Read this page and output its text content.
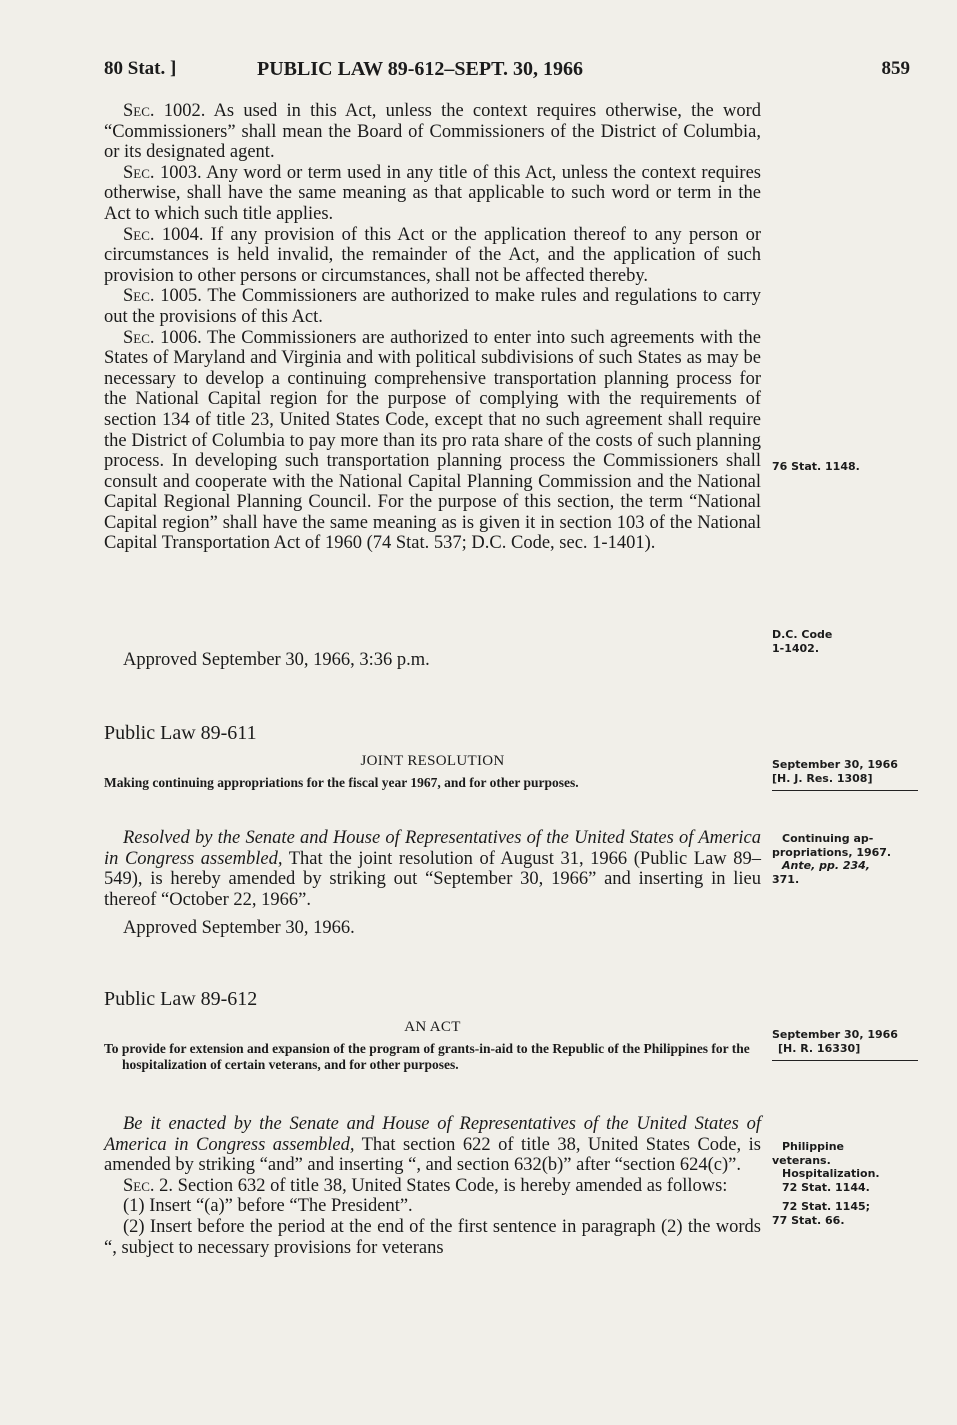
80 Stat. ]	PUBLIC LAW 89-612–SEPT. 30, 1966	859

Sec. 1002. As used in this Act, unless the context requires otherwise, the word “Commissioners” shall mean the Board of Commissioners of the District of Columbia, or its designated agent.

Sec. 1003. Any word or term used in any title of this Act, unless the context requires otherwise, shall have the same meaning as that applicable to such word or term in the Act to which such title applies.

Sec. 1004. If any provision of this Act or the application thereof to any person or circumstances is held invalid, the remainder of the Act, and the application of such provision to other persons or circumstances, shall not be affected thereby.

Sec. 1005. The Commissioners are authorized to make rules and regulations to carry out the provisions of this Act.

Sec. 1006. The Commissioners are authorized to enter into such agreements with the States of Maryland and Virginia and with political subdivisions of such States as may be necessary to develop a continuing comprehensive transportation planning process for the National Capital region for the purpose of complying with the requirements of section 134 of title 23, United States Code, except that no such agreement shall require the District of Columbia to pay more than its pro rata share of the costs of such planning process. In developing such transportation planning process the Commissioners shall consult and cooperate with the National Capital Planning Commission and the National Capital Regional Planning Council. For the purpose of this section, the term “National Capital region” shall have the same meaning as is given it in section 103 of the National Capital Transportation Act of 1960 (74 Stat. 537; D.C. Code, sec. 1-1401).

Approved September 30, 1966, 3:36 p.m.
Public Law 89-611
JOINT RESOLUTION
Making continuing appropriations for the fiscal year 1967, and for other purposes.

Resolved by the Senate and House of Representatives of the United States of America in Congress assembled, That the joint resolution of August 31, 1966 (Public Law 89–549), is hereby amended by striking out “September 30, 1966” and inserting in lieu thereof “October 22, 1966”.

Approved September 30, 1966.
Public Law 89-612
AN ACT
To provide for extension and expansion of the program of grants-in-aid to the Republic of the Philippines for the hospitalization of certain veterans, and for other purposes.

Be it enacted by the Senate and House of Representatives of the United States of America in Congress assembled, That section 622 of title 38, United States Code, is amended by striking “and” and inserting “, and section 632(b)” after “section 624(c)”.

Sec. 2. Section 632 of title 38, United States Code, is hereby amended as follows:

(1) Insert “(a)” before “The President”.

(2) Insert before the period at the end of the first sentence in paragraph (2) the words “, subject to necessary provisions for veterans

76 Stat. 1148.
D.C. Code
1-1402.
September 30, 1966
[H. J. Res. 1308]
Continuing ap-
propriations, 1967.
Ante, pp. 234,
371.
September 30, 1966
[H. R. 16330]
Philippine
veterans.
Hospitalization.
72 Stat. 1144.
72 Stat. 1145;
77 Stat. 66.
